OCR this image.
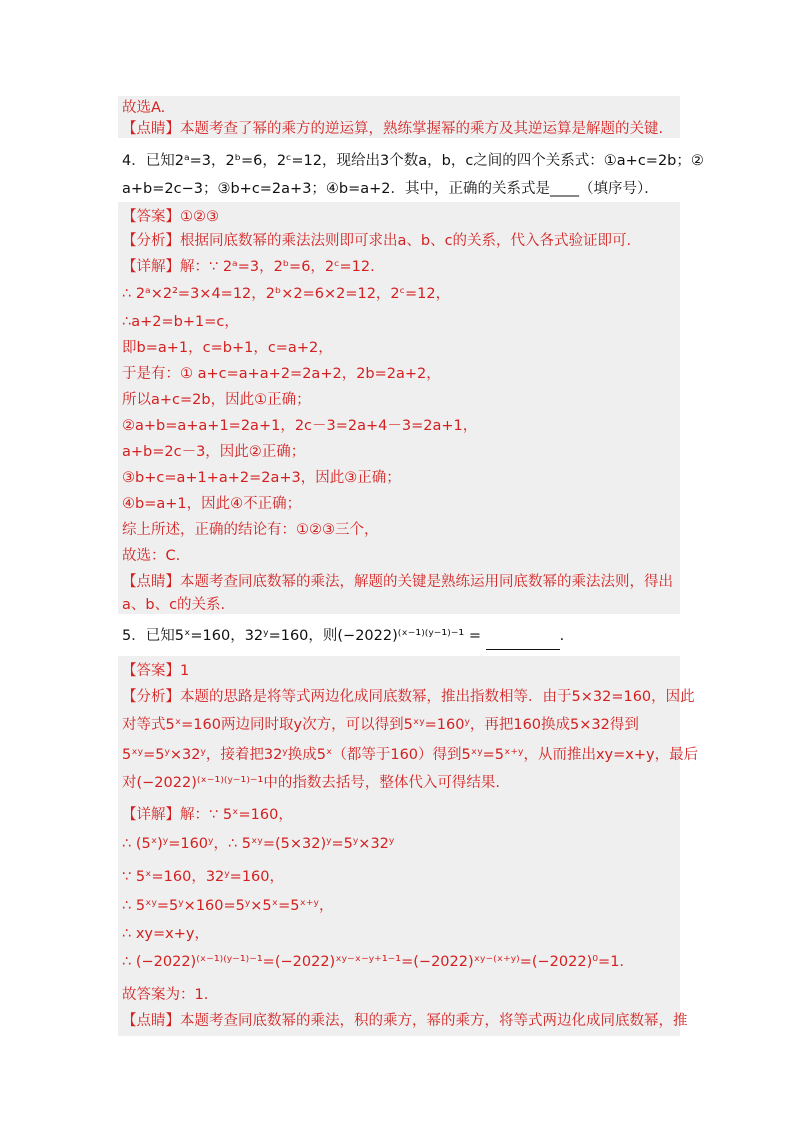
故选A.
【点睛】本题考查了幂的乘方的逆运算，熟练掌握幂的乘方及其逆运算是解题的关键.
4．已知2ᵃ=3，2ᵇ=6，2ᶜ=12，现给出3个数a，b，c之间的四个关系式：①a+c=2b；②
a+b=2c−3；③b+c=2a+3；④b=a+2．其中，正确的关系式是____（填序号）．
【答案】①②③
【分析】根据同底数幂的乘法法则即可求出a、b、c的关系，代入各式验证即可.
【详解】解：∵ 2ᵃ=3，2ᵇ=6，2ᶜ=12.
∴ 2ᵃ×2²=3×4=12，2ᵇ×2=6×2=12，2ᶜ=12，
∴a+2=b+1=c，
即b=a+1，c=b+1，c=a+2，
于是有：① a+c=a+a+2=2a+2，2b=2a+2，
所以a+c=2b，因此①正确；
②a+b=a+a+1=2a+1，2c－3=2a+4－3=2a+1，
a+b=2c－3，因此②正确；
③b+c=a+1+a+2=2a+3，因此③正确；
④b=a+1，因此④不正确；
综上所述，正确的结论有：①②③三个，
故选：C.
【点睛】本题考查同底数幂的乘法，解题的关键是熟练运用同底数幂的乘法法则，得出
a、b、c的关系.
5．已知5ˣ=160，32ʸ=160，则(−2022)⁽ˣ⁻¹⁾⁽ʸ⁻¹⁾⁻¹ =	.
【答案】1
【分析】本题的思路是将等式两边化成同底数幂，推出指数相等．由于5×32=160，因此
对等式5ˣ=160两边同时取y次方，可以得到5ˣʸ=160ʸ，再把160换成5×32得到
5ˣʸ=5ʸ×32ʸ，接着把32ʸ换成5ˣ（都等于160）得到5ˣʸ=5ˣ⁺ʸ，从而推出xy=x+y，最后
对(−2022)⁽ˣ⁻¹⁾⁽ʸ⁻¹⁾⁻¹中的指数去括号，整体代入可得结果.
【详解】解：∵ 5ˣ=160，
∴ (5ˣ)ʸ=160ʸ，∴ 5ˣʸ=(5×32)ʸ=5ʸ×32ʸ
∵ 5ˣ=160，32ʸ=160，
∴ 5ˣʸ=5ʸ×160=5ʸ×5ˣ=5ˣ⁺ʸ，
∴ xy=x+y，
∴ (−2022)⁽ˣ⁻¹⁾⁽ʸ⁻¹⁾⁻¹=(−2022)ˣʸ⁻ˣ⁻ʸ⁺¹⁻¹=(−2022)ˣʸ⁻⁽ˣ⁺ʸ⁾=(−2022)⁰=1.
故答案为：1.
【点睛】本题考查同底数幂的乘法，积的乘方，幂的乘方，将等式两边化成同底数幂，推
